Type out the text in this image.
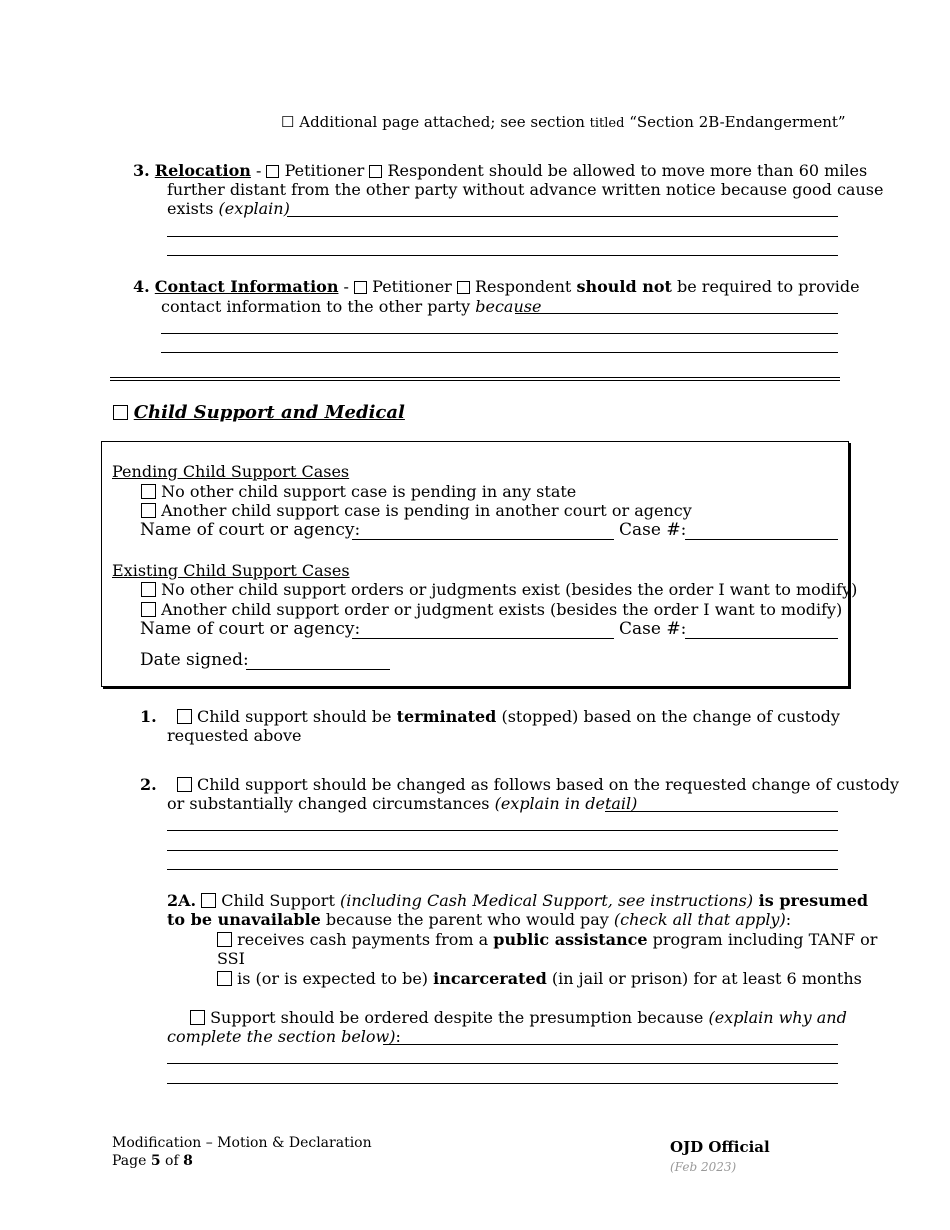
☐ Additional page attached; see section titled “Section 2B-Endangerment”
3. Relocation -  Petitioner Respondent should be allowed to move more than 60 miles
further distant from the other party without advance written notice because good cause
exists (explain)
4. Contact Information -  Petitioner Respondent should not be required to provide
contact information to the other party because
Child Support and Medical
Pending Child Support Cases
No other child support case is pending in any state
Another child support case is pending in another court or agency
Name of court or agency:	Case #:
Existing Child Support Cases
No other child support orders or judgments exist (besides the order I want to modify)
Another child support order or judgment exists (besides the order I want to modify)
Name of court or agency:	Case #:
Date signed:
1.	Child support should be terminated (stopped) based on the change of custody
requested above
2.	Child support should be changed as follows based on the requested change of custody
or substantially changed circumstances (explain in detail)
2A.  Child Support (including Cash Medical Support, see instructions) is presumed
to be unavailable because the parent who would pay (check all that apply):
receives cash payments from a public assistance program including TANF or
SSI
is (or is expected to be) incarcerated (in jail or prison) for at least 6 months
Support should be ordered despite the presumption because (explain why and
complete the section below):
Modification – Motion & Declaration
Page 5 of 8
OJD Official
(Feb 2023)
